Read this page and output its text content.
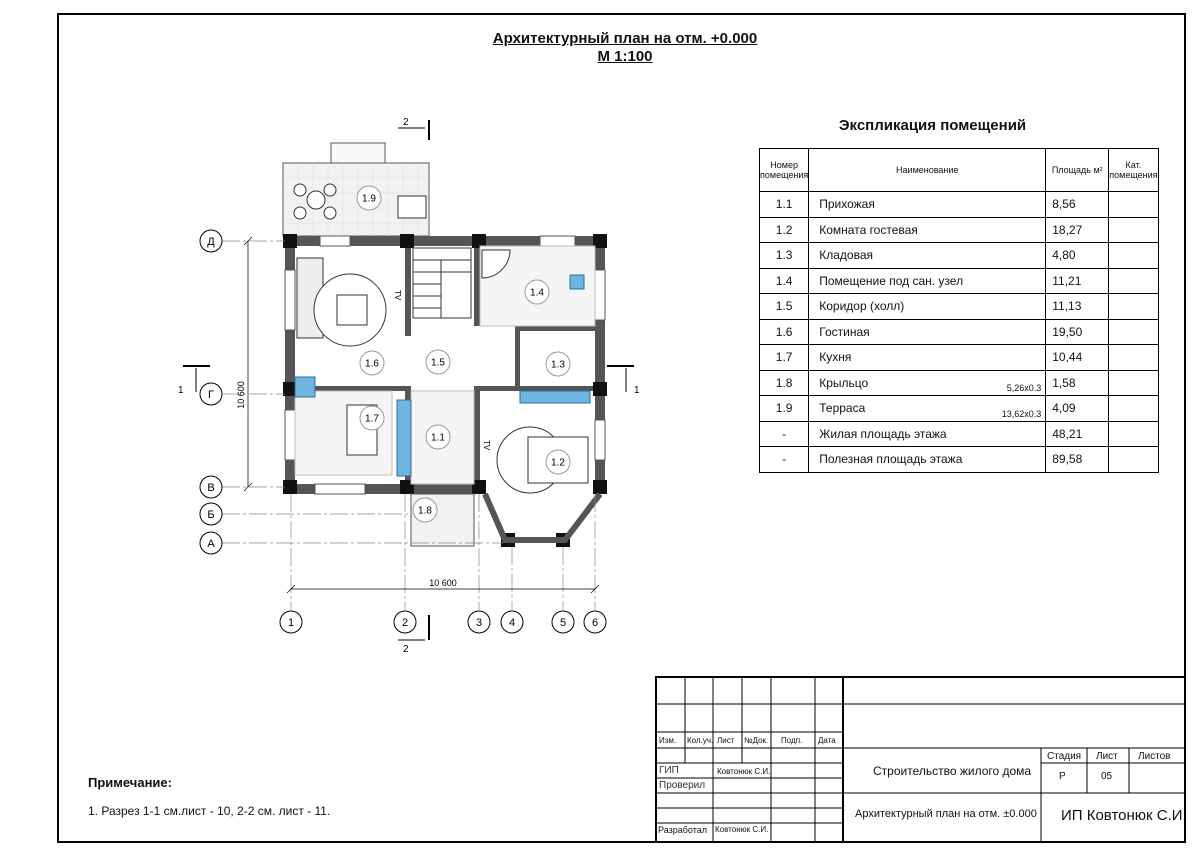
Архитектурный план на отм. +0.000
М 1:100
1.1
1.2
1.3
1.4
1.5
1.6
1.7
1.8
1.9
TV
TV
10 600
10 600
Д
Г
В
Б
А
1	2	3 4	5 6
2
2
1	1
Экспликация помещений
Номер помещения	Наименование	Площадь м²	Кат. помещения
1.1	Прихожая	8,56	
1.2	Комната гостевая	18,27	
1.3	Кладовая	4,80	
1.4	Помещение под сан. узел	11,21	
1.5	Коридор (холл)	11,13	
1.6	Гостиная	19,50	
1.7	Кухня	10,44	
1.8	Крыльцо 5,26х0.3	1,58	
1.9	Терраса 13,62х0.3	4,09	
-	Жилая площадь этажа	48,21	
-	Полезная площадь этажа	89,58	
Примечание:
1. Разрез 1-1 см.лист - 10, 2-2 см. лист - 11.
Изм. Кол.уч. Лист №Док. Подп. Дата
ГИП	Ковтонюк С.И.
Проверил
Разработал Ковтонюк С.И.
Строительство жилого дома
Архитектурный план на отм. ±0.000 ИП Ковтонюк С.И.
Стадия Лист Листов
Р	05
